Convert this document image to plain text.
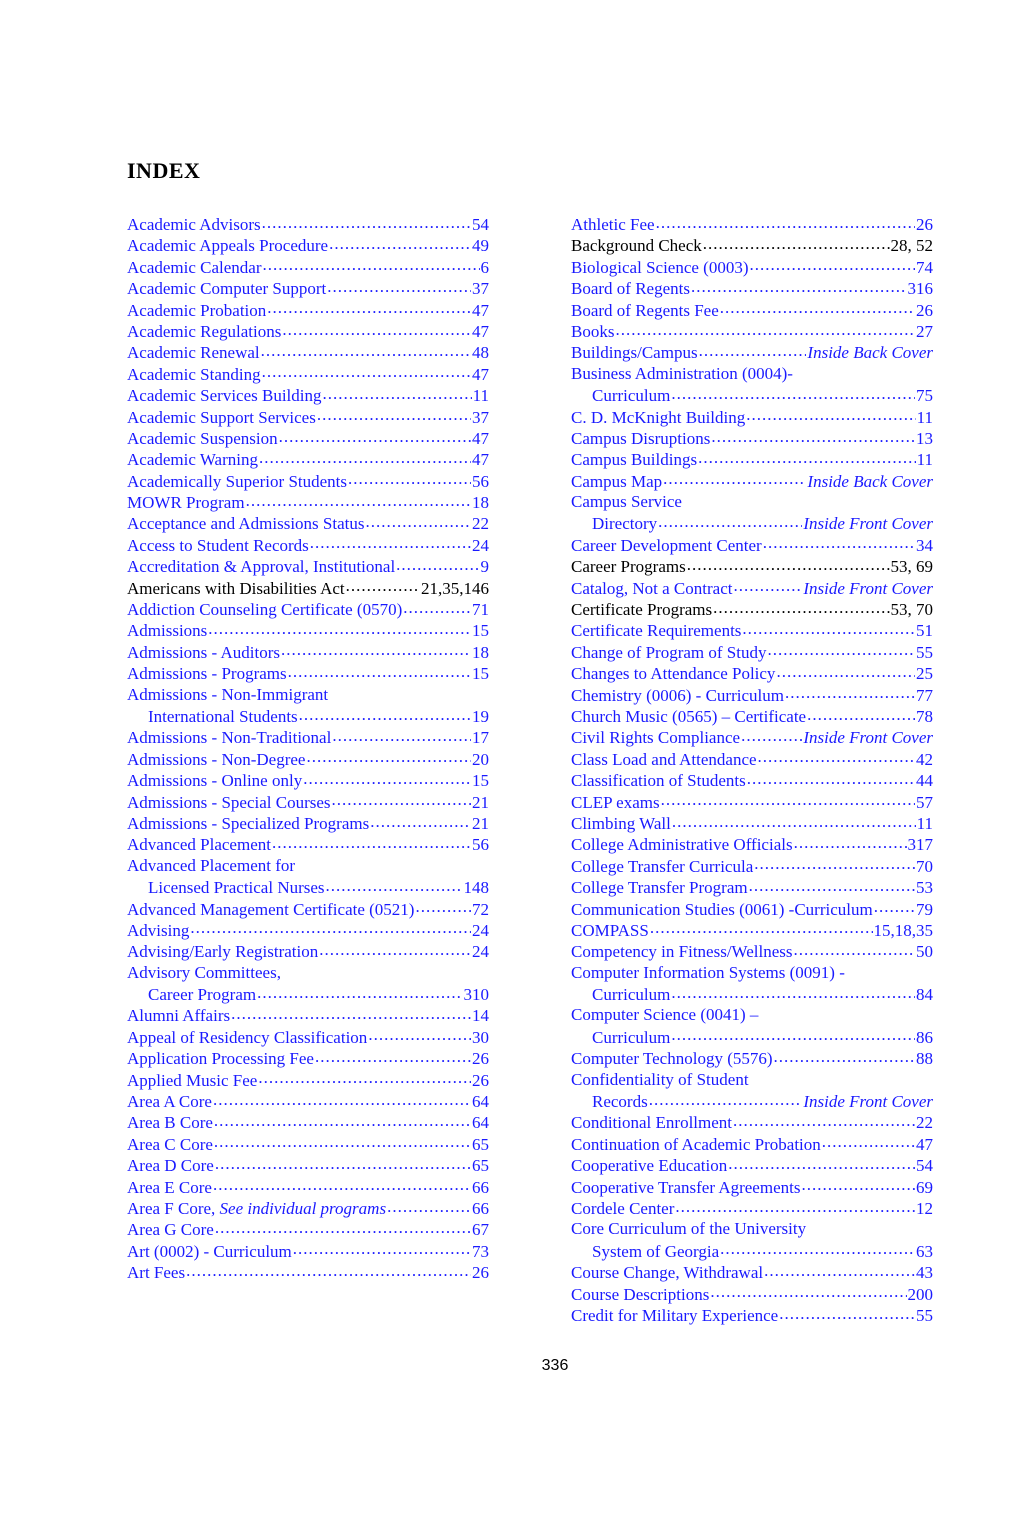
INDEX
Academic Advisors .....	54
Academic Appeals Procedure .....	49
Academic Calendar .....	6
Academic Computer Support .....	37
Academic Probation .....	47
Academic Regulations .....	47
Academic Renewal .....	48
Academic Standing .....	47
Academic Services Building .....	11
Academic Support Services .....	37
Academic Suspension .....	47
Academic Warning .....	47
Academically Superior Students .....	56
MOWR Program .....	18
Acceptance and Admissions Status .....	22
Access to Student Records .....	24
Accreditation & Approval, Institutional .....	9
Americans with Disabilities Act .....	21,35,146
Addiction Counseling Certificate (0570) .....	71
Admissions .....	15
Admissions - Auditors .....	18
Admissions - Programs .....	15
Admissions - Non-Immigrant
International Students .....	19
Admissions - Non-Traditional .....	17
Admissions - Non-Degree .....	20
Admissions - Online only .....	15
Admissions - Special Courses .....	21
Admissions - Specialized Programs .....	21
Advanced Placement .....	56
Advanced Placement for
Licensed Practical Nurses .....	148
Advanced Management Certificate (0521) .....	72
Advising .....	24
Advising/Early Registration .....	24
Advisory Committees,
Career Program .....	310
Alumni Affairs .....	14
Appeal of Residency Classification .....	30
Application Processing Fee .....	26
Applied Music Fee .....	26
Area A Core .....	64
Area B Core .....	64
Area C Core .....	65
Area D Core .....	65
Area E Core .....	66
Area F Core, See individual programs .....	66
Area G Core .....	67
Art (0002) - Curriculum .....	73
Art Fees .....	26
Athletic Fee .....	26
Background Check .....	28, 52
Biological Science (0003) .....	74
Board of Regents .....	316
Board of Regents Fee .....	26
Books .....	27
Buildings/Campus .....	Inside Back Cover
Business Administration (0004)-
Curriculum .....	75
C. D. McKnight Building .....	11
Campus Disruptions .....	13
Campus Buildings .....	11
Campus Map .....	Inside Back Cover
Campus Service
Directory .....	Inside Front Cover
Career Development Center .....	34
Career Programs .....	53, 69
Catalog, Not a Contract .....	Inside Front Cover
Certificate Programs .....	53, 70
Certificate Requirements .....	51
Change of Program of Study .....	55
Changes to Attendance Policy .....	25
Chemistry (0006) - Curriculum .....	77
Church Music (0565) – Certificate .....	78
Civil Rights Compliance .....	Inside Front Cover
Class Load and Attendance .....	42
Classification of Students .....	44
CLEP exams .....	57
Climbing Wall .....	11
College Administrative Officials .....	317
College Transfer Curricula .....	70
College Transfer Program .....	53
Communication Studies (0061) -Curriculum .....	79
COMPASS .....	15,18,35
Competency in Fitness/Wellness .....	50
Computer Information Systems (0091) -
Curriculum .....	84
Computer Science (0041) –
Curriculum .....	86
Computer Technology (5576) .....	88
Confidentiality of Student
Records .....	Inside Front Cover
Conditional Enrollment .....	22
Continuation of Academic Probation .....	47
Cooperative Education .....	54
Cooperative Transfer Agreements .....	69
Cordele Center .....	12
Core Curriculum of the University
System of Georgia .....	63
Course Change, Withdrawal .....	43
Course Descriptions .....	200
Credit for Military Experience .....	55
336
